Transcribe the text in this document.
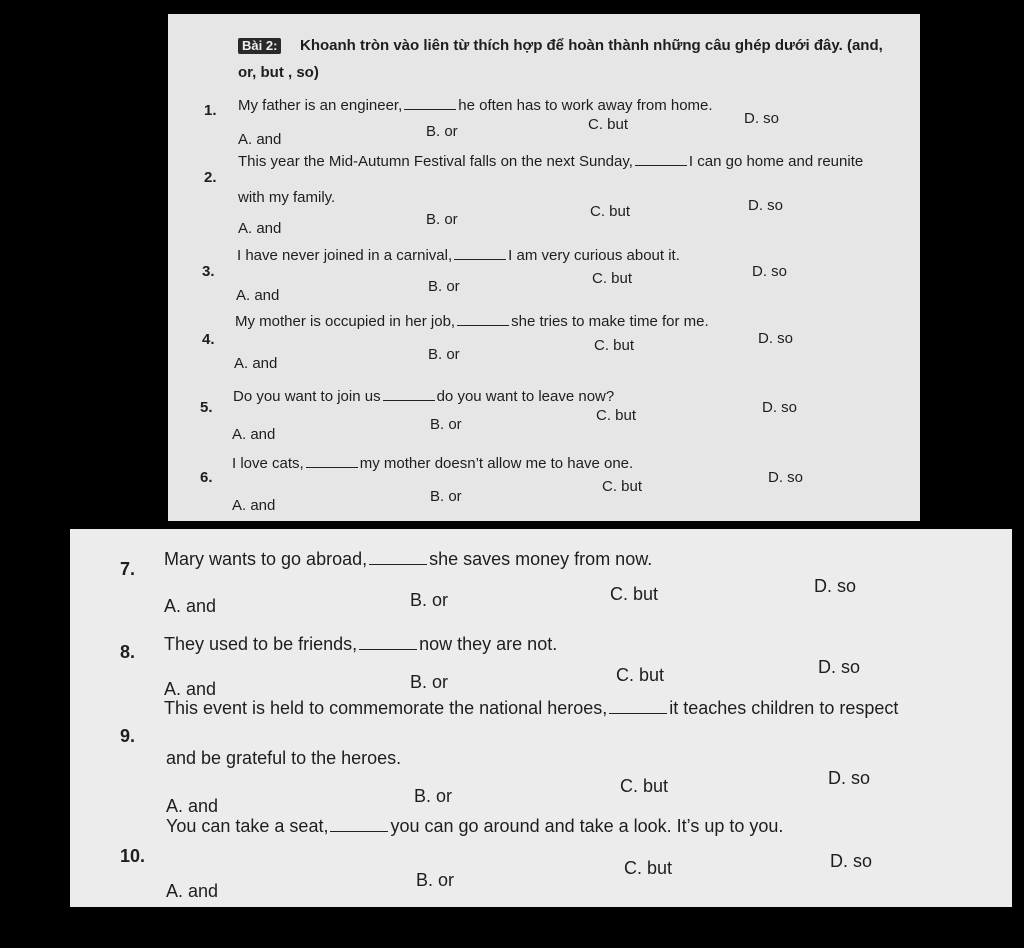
Bài 2: Khoanh tròn vào liên từ thích hợp để hoàn thành những câu ghép dưới đây. (and,
or, but , so)
1. My father is an engineer,	he often has to work away from home.
A. and	B. or	C. but	D. so
2.
This year the Mid-Autumn Festival falls on the next Sunday,	I can go home and reunite
with my family.
A. and
B. or	C. but	D. so
3.
I have never joined in a carnival,	I am very curious about it.
A. and
B. or	C. but	D. so
4.
My mother is occupied in her job,	she tries to make time for me.
A. and
B. or
C. but	D. so
5.
Do you want to join us	do you want to leave now?
A. and
B. or
C. but	D. so
6.
I love cats,	my mother doesn’t allow me to have one.
A. and
B. or
C. but
D. so
7. Mary wants to go abroad,	she saves money from now.
A. and	B. or	C. but	D. so
8. They used to be friends,	now they are not.
A. and	B. or	C. but	D. so
9.
This event is held to commemorate the national heroes,	it teaches children to respect
and be grateful to the heroes.
A. and	B. or	C. but	D. so
10.
You can take a seat,	you can go around and take a look. It’s up to you.
A. and
B. or
C. but	D. so
